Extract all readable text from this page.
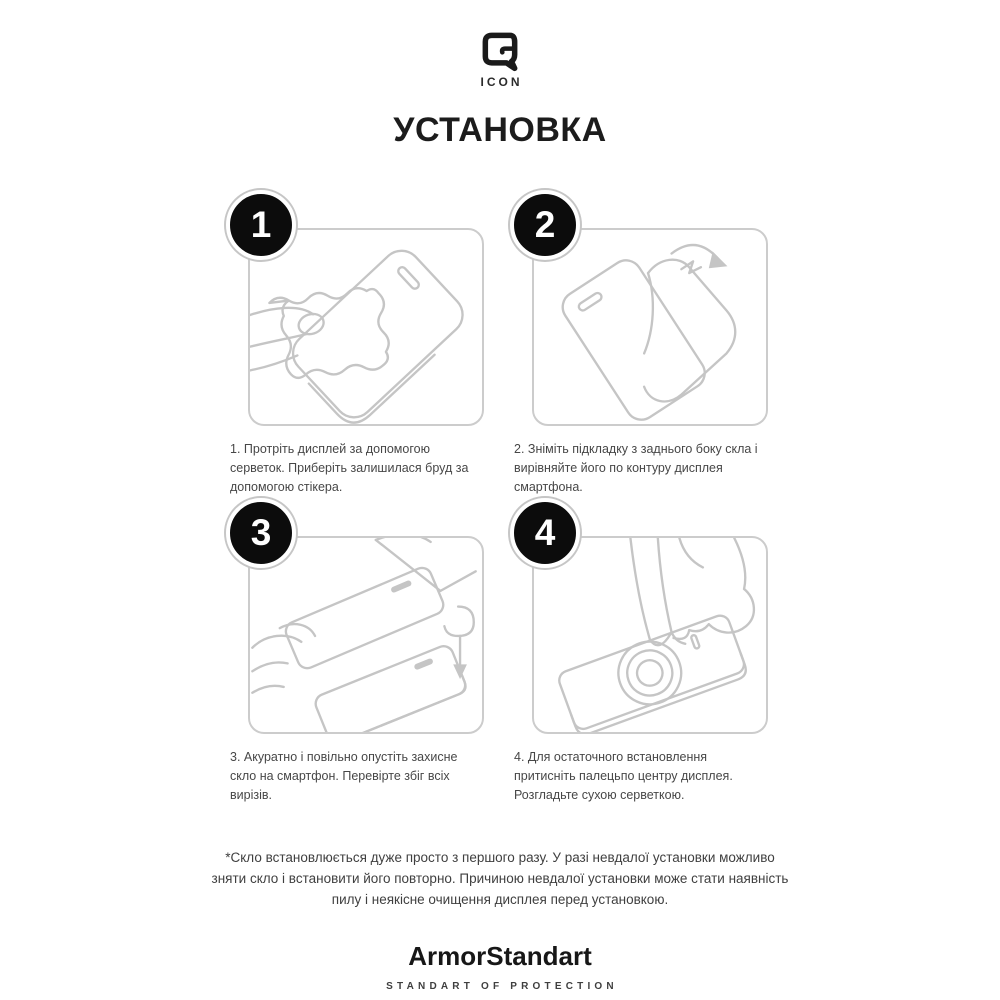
ICON
УСТАНОВКА
1

1. Протріть дисплей за допомогою серветок. Приберіть залишилася бруд за допомогою стікера.

2

2. Зніміть підкладку з заднього боку скла і вирівняйте його по контуру дисплея смартфона.

3

3. Акуратно і повільно опустіть захисне скло на смартфон. Перевірте збіг всіх вирізів.

4

4. Для остаточного встановлення притисніть палецьпо центру дисплея. Розгладьте сухою серветкою.

*Скло встановлюється дуже просто з першого разу. У разі невдалої установки можливо зняти скло і встановити його повторно. Причиною невдалої установки може стати наявність пилу і неякісне очищення дисплея перед установкою.

ArmorStandart
STANDART OF PROTECTION
